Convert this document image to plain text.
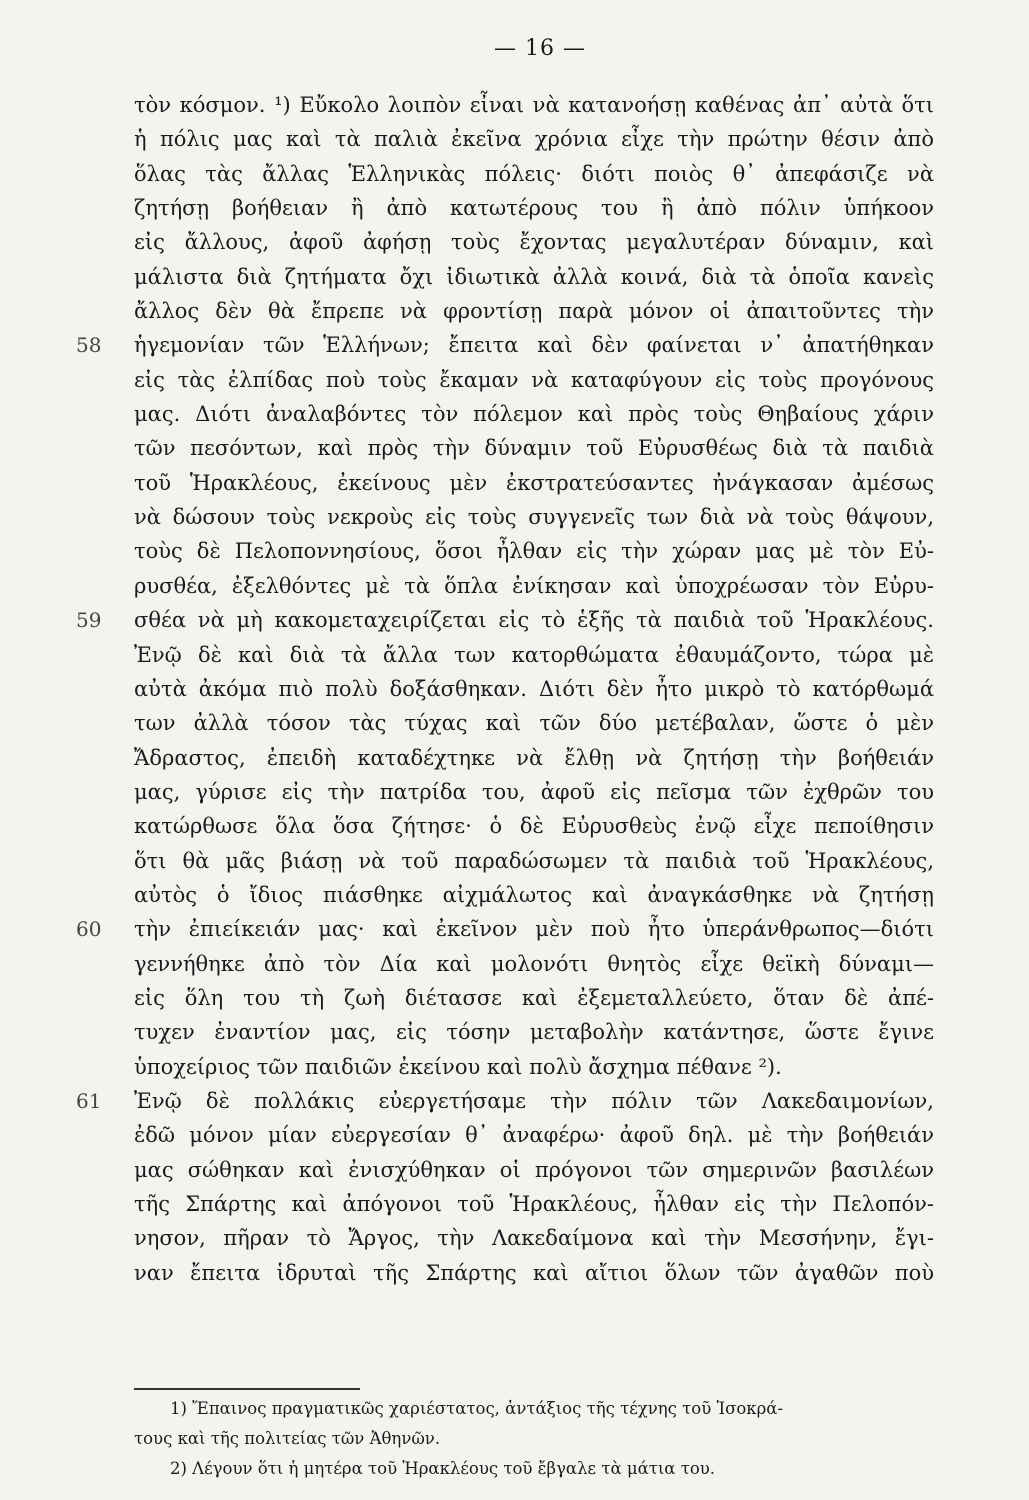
— 16 —
τὸν κόσμον. ¹) Εὔκολο λοιπὸν εἶναι νὰ κατανοήσῃ καθένας ἀπ᾽ αὐτὰ ὅτι
ἡ πόλις μας καὶ τὰ παλιὰ ἐκεῖνα χρόνια εἶχε τὴν πρώτην θέσιν ἀπὸ
ὅλας τὰς ἄλλας Ἑλληνικὰς πόλεις· διότι ποιὸς θ᾽ ἀπεφάσιζε νὰ
ζητήσῃ βοήθειαν ἢ ἀπὸ κατωτέρους του ἢ ἀπὸ πόλιν ὑπήκοον
εἰς ἄλλους, ἀφοῦ ἀφήσῃ τοὺς ἔχοντας μεγαλυτέραν δύναμιν, καὶ
μάλιστα διὰ ζητήματα ὄχι ἰδιωτικὰ ἀλλὰ κοινά, διὰ τὰ ὁποῖα κανεὶς
ἄλλος δὲν θὰ ἔπρεπε νὰ φροντίσῃ παρὰ μόνον οἱ ἀπαιτοῦντες τὴν
58 ἡγεμονίαν τῶν Ἑλλήνων; ἔπειτα καὶ δὲν φαίνεται ν᾽ ἀπατήθηκαν
εἰς τὰς ἐλπίδας ποὺ τοὺς ἔκαμαν νὰ καταφύγουν εἰς τοὺς προγόνους
μας. Διότι ἀναλαβόντες τὸν πόλεμον καὶ πρὸς τοὺς Θηβαίους χάριν
τῶν πεσόντων, καὶ πρὸς τὴν δύναμιν τοῦ Εὐρυσθέως διὰ τὰ παιδιὰ
τοῦ Ἡρακλέους, ἐκείνους μὲν ἐκστρατεύσαντες ἠνάγκασαν ἀμέσως
νὰ δώσουν τοὺς νεκροὺς εἰς τοὺς συγγενεῖς των διὰ νὰ τοὺς θάψουν,
τοὺς δὲ Πελοποννησίους, ὅσοι ἦλθαν εἰς τὴν χώραν μας μὲ τὸν Εὐ-
ρυσθέα, ἐξελθόντες μὲ τὰ ὅπλα ἐνίκησαν καὶ ὑποχρέωσαν τὸν Εὐρυ-
59 σθέα νὰ μὴ κακομεταχειρίζεται εἰς τὸ ἑξῆς τὰ παιδιὰ τοῦ Ἡρακλέους.
Ἐνῷ δὲ καὶ διὰ τὰ ἄλλα των κατορθώματα ἐθαυμάζοντο, τώρα μὲ
αὐτὰ ἀκόμα πιὸ πολὺ δοξάσθηκαν. Διότι δὲν ἦτο μικρὸ τὸ κατόρθωμά
των ἀλλὰ τόσον τὰς τύχας καὶ τῶν δύο μετέβαλαν, ὥστε ὁ μὲν
Ἄδραστος, ἐπειδὴ καταδέχτηκε νὰ ἔλθῃ νὰ ζητήσῃ τὴν βοήθειάν
μας, γύρισε εἰς τὴν πατρίδα του, ἀφοῦ εἰς πεῖσμα τῶν ἐχθρῶν του
κατώρθωσε ὅλα ὅσα ζήτησε· ὁ δὲ Εὐρυσθεὺς ἐνῷ εἶχε πεποίθησιν
ὅτι θὰ μᾶς βιάσῃ νὰ τοῦ παραδώσωμεν τὰ παιδιὰ τοῦ Ἡρακλέους,
αὐτὸς ὁ ἴδιος πιάσθηκε αἰχμάλωτος καὶ ἀναγκάσθηκε νὰ ζητήσῃ
60 τὴν ἐπιείκειάν μας· καὶ ἐκεῖνον μὲν ποὺ ἦτο ὑπεράνθρωπος—διότι
γεννήθηκε ἀπὸ τὸν Δία καὶ μολονότι θνητὸς εἶχε θεϊκὴ δύναμι—
εἰς ὅλη του τὴ ζωὴ διέτασσε καὶ ἐξεμεταλλεύετο, ὅταν δὲ ἀπέ-
τυχεν ἐναντίον μας, εἰς τόσην μεταβολὴν κατάντησε, ὥστε ἔγινε
ὑποχείριος τῶν παιδιῶν ἐκείνου καὶ πολὺ ἄσχημα πέθανε ²).
61 Ἐνῷ δὲ πολλάκις εὐεργετήσαμε τὴν πόλιν τῶν Λακεδαιμονίων,
ἐδῶ μόνον μίαν εὐεργεσίαν θ᾽ ἀναφέρω· ἀφοῦ δηλ. μὲ τὴν βοήθειάν
μας σώθηκαν καὶ ἐνισχύθηκαν οἱ πρόγονοι τῶν σημερινῶν βασιλέων
τῆς Σπάρτης καὶ ἀπόγονοι τοῦ Ἡρακλέους, ἦλθαν εἰς τὴν Πελοπόν-
νησον, πῆραν τὸ Ἄργος, τὴν Λακεδαίμονα καὶ τὴν Μεσσήνην, ἔγι-
ναν ἔπειτα ἱδρυταὶ τῆς Σπάρτης καὶ αἴτιοι ὅλων τῶν ἀγαθῶν ποὺ
1) Ἔπαινος πραγματικῶς χαριέστατος, ἀντάξιος τῆς τέχνης τοῦ Ἰσοκρά-
τους καὶ τῆς πολιτείας τῶν Ἀθηνῶν.
2) Λέγουν ὅτι ἡ μητέρα τοῦ Ἡρακλέους τοῦ ἔβγαλε τὰ μάτια του.
